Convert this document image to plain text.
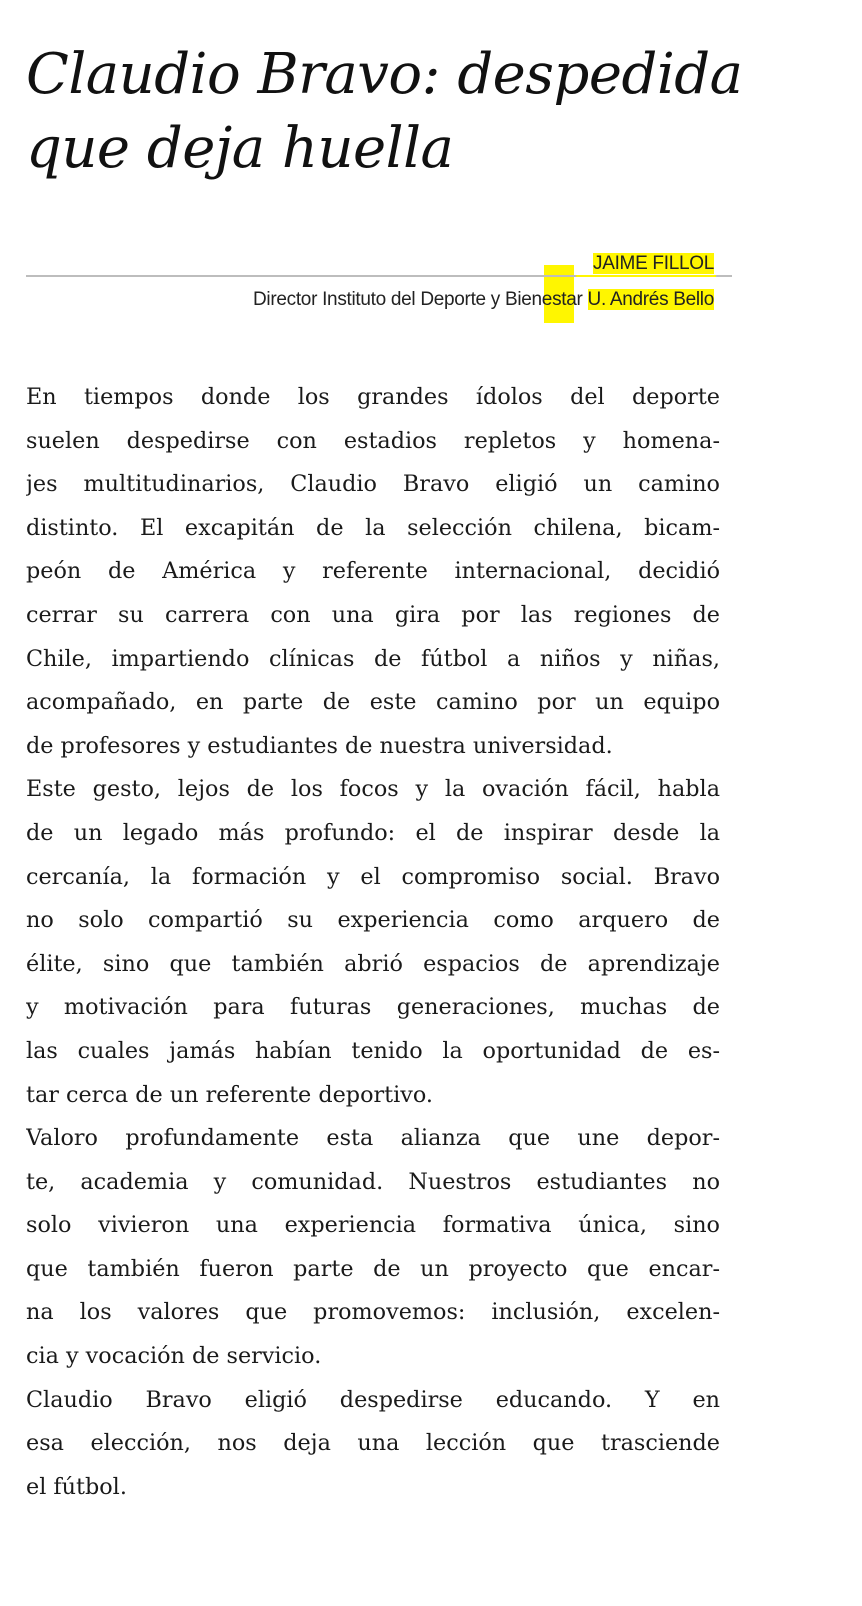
Claudio Bravo: despedida
que deja huella
JAIME FILLOL
Director Instituto del Deporte y Bienestar U. Andrés Bello
En tiempos donde los grandes ídolos del deporte
suelen despedirse con estadios repletos y homena-
jes multitudinarios, Claudio Bravo eligió un camino
distinto. El excapitán de la selección chilena, bicam-
peón de América y referente internacional, decidió
cerrar su carrera con una gira por las regiones de
Chile, impartiendo clínicas de fútbol a niños y niñas,
acompañado, en parte de este camino por un equipo
de profesores y estudiantes de nuestra universidad.
Este gesto, lejos de los focos y la ovación fácil, habla
de un legado más profundo: el de inspirar desde la
cercanía, la formación y el compromiso social. Bravo
no solo compartió su experiencia como arquero de
élite, sino que también abrió espacios de aprendizaje
y motivación para futuras generaciones, muchas de
las cuales jamás habían tenido la oportunidad de es-
tar cerca de un referente deportivo.
Valoro profundamente esta alianza que une depor-
te, academia y comunidad. Nuestros estudiantes no
solo vivieron una experiencia formativa única, sino
que también fueron parte de un proyecto que encar-
na los valores que promovemos: inclusión, excelen-
cia y vocación de servicio.
Claudio Bravo eligió despedirse educando. Y en
esa elección, nos deja una lección que trasciende
el fútbol.
